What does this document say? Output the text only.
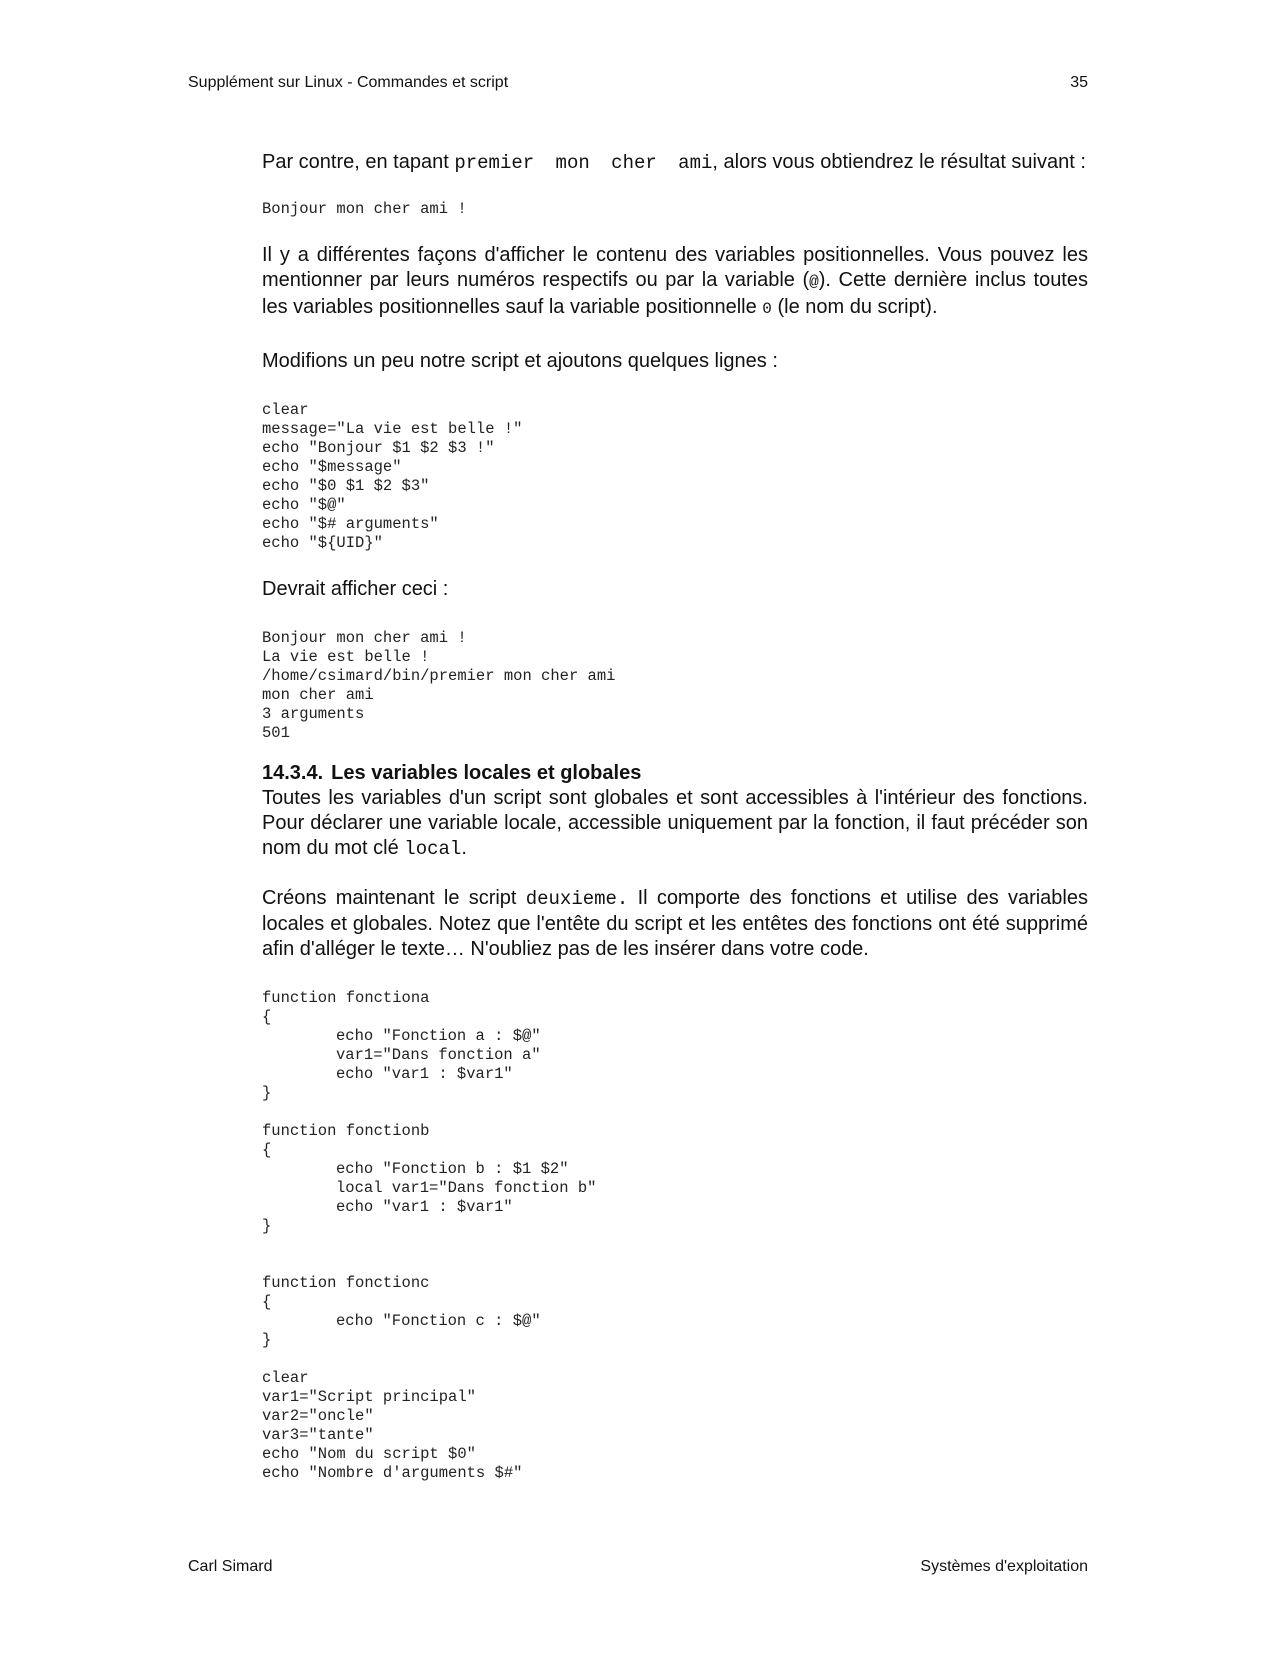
Supplément sur Linux - Commandes et script	35

Par contre, en tapant premier mon cher ami, alors vous obtiendrez le résultat suivant :

Bonjour mon cher ami !

Il y a différentes façons d'afficher le contenu des variables positionnelles. Vous pouvez les mentionner par leurs numéros respectifs ou par la variable (@). Cette dernière inclus toutes les variables positionnelles sauf la variable positionnelle 0 (le nom du script).

Modifions un peu notre script et ajoutons quelques lignes :

clear
message="La vie est belle !"
echo "Bonjour $1 $2 $3 !"
echo "$message"
echo "$0 $1 $2 $3"
echo "$@"
echo "$# arguments"
echo "${UID}"

Devrait afficher ceci :

Bonjour mon cher ami !
La vie est belle !
/home/csimard/bin/premier mon cher ami
mon cher ami
3 arguments
501
14.3.4. Les variables locales et globales

Toutes les variables d'un script sont globales et sont accessibles à l'intérieur des fonctions. Pour déclarer une variable locale, accessible uniquement par la fonction, il faut précéder son nom du mot clé local.

Créons maintenant le script deuxieme. Il comporte des fonctions et utilise des variables locales et globales. Notez que l'entête du script et les entêtes des fonctions ont été supprimé afin d'alléger le texte… N'oubliez pas de les insérer dans votre code.

function fonctiona
{
echo "Fonction a : $@"
var1="Dans fonction a"
echo "var1 : $var1"
}
function fonctionb
{
echo "Fonction b : $1 $2"
local var1="Dans fonction b"
echo "var1 : $var1"
}
function fonctionc
{
echo "Fonction c : $@"
}
clear
var1="Script principal"
var2="oncle"
var3="tante"
echo "Nom du script $0"
echo "Nombre d'arguments $#"
Carl Simard	Systèmes d'exploitation
